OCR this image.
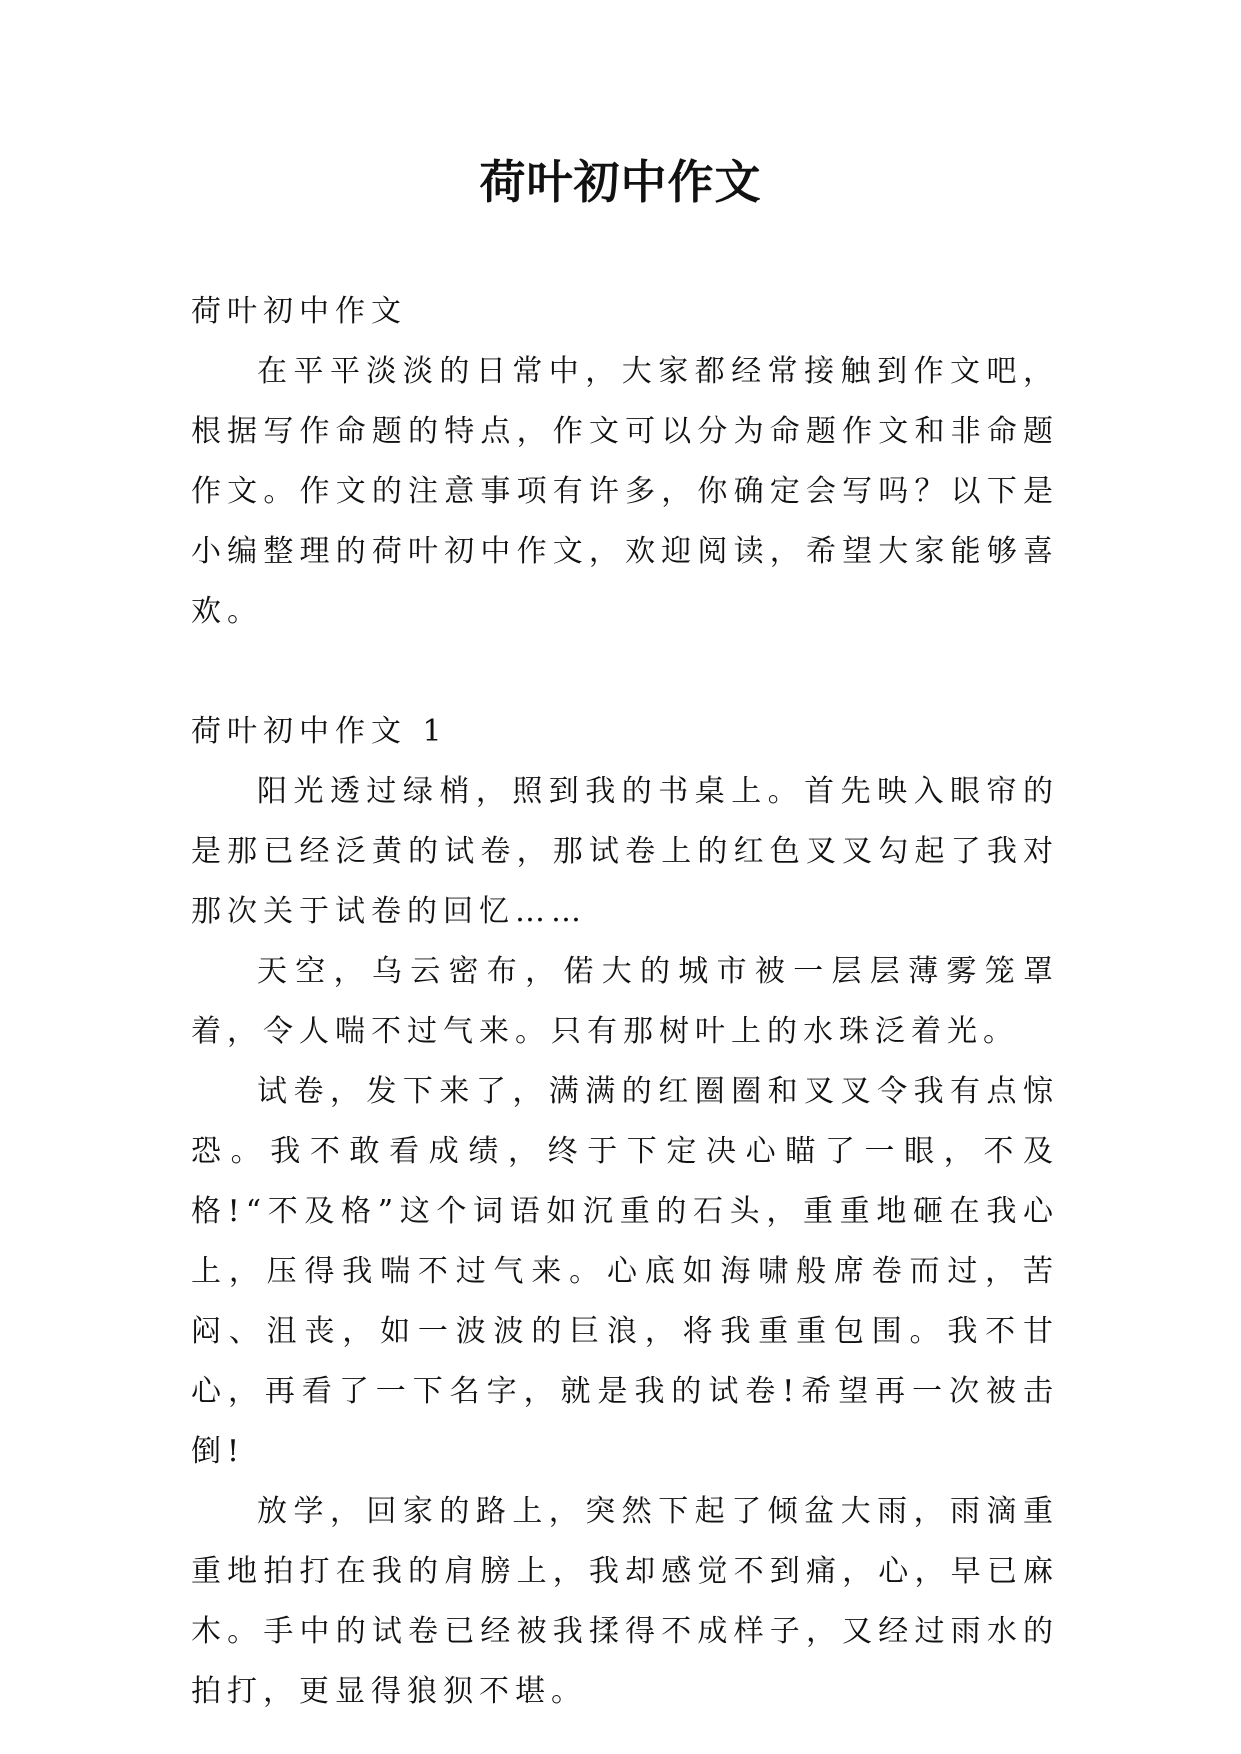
荷叶初中作文

荷叶初中作文

在平平淡淡的日常中，大家都经常接触到作文吧，根据写作命题的特点，作文可以分为命题作文和非命题作文。作文的注意事项有许多，你确定会写吗？以下是小编整理的荷叶初中作文，欢迎阅读，希望大家能够喜欢。

荷叶初中作文 1

阳光透过绿梢，照到我的书桌上。首先映入眼帘的是那已经泛黄的试卷，那试卷上的红色叉叉勾起了我对那次关于试卷的回忆……

天空，乌云密布，偌大的城市被一层层薄雾笼罩着，令人喘不过气来。只有那树叶上的水珠泛着光。

试卷，发下来了，满满的红圈圈和叉叉令我有点惊恐。我不敢看成绩，终于下定决心瞄了一眼，不及格!“不及格”这个词语如沉重的石头，重重地砸在我心上，压得我喘不过气来。心底如海啸般席卷而过，苦闷、沮丧，如一波波的巨浪，将我重重包围。我不甘心，再看了一下名字，就是我的试卷!希望再一次被击倒!

放学，回家的路上，突然下起了倾盆大雨，雨滴重重地拍打在我的肩膀上，我却感觉不到痛，心，早已麻木。手中的试卷已经被我揉得不成样子，又经过雨水的拍打，更显得狼狈不堪。
